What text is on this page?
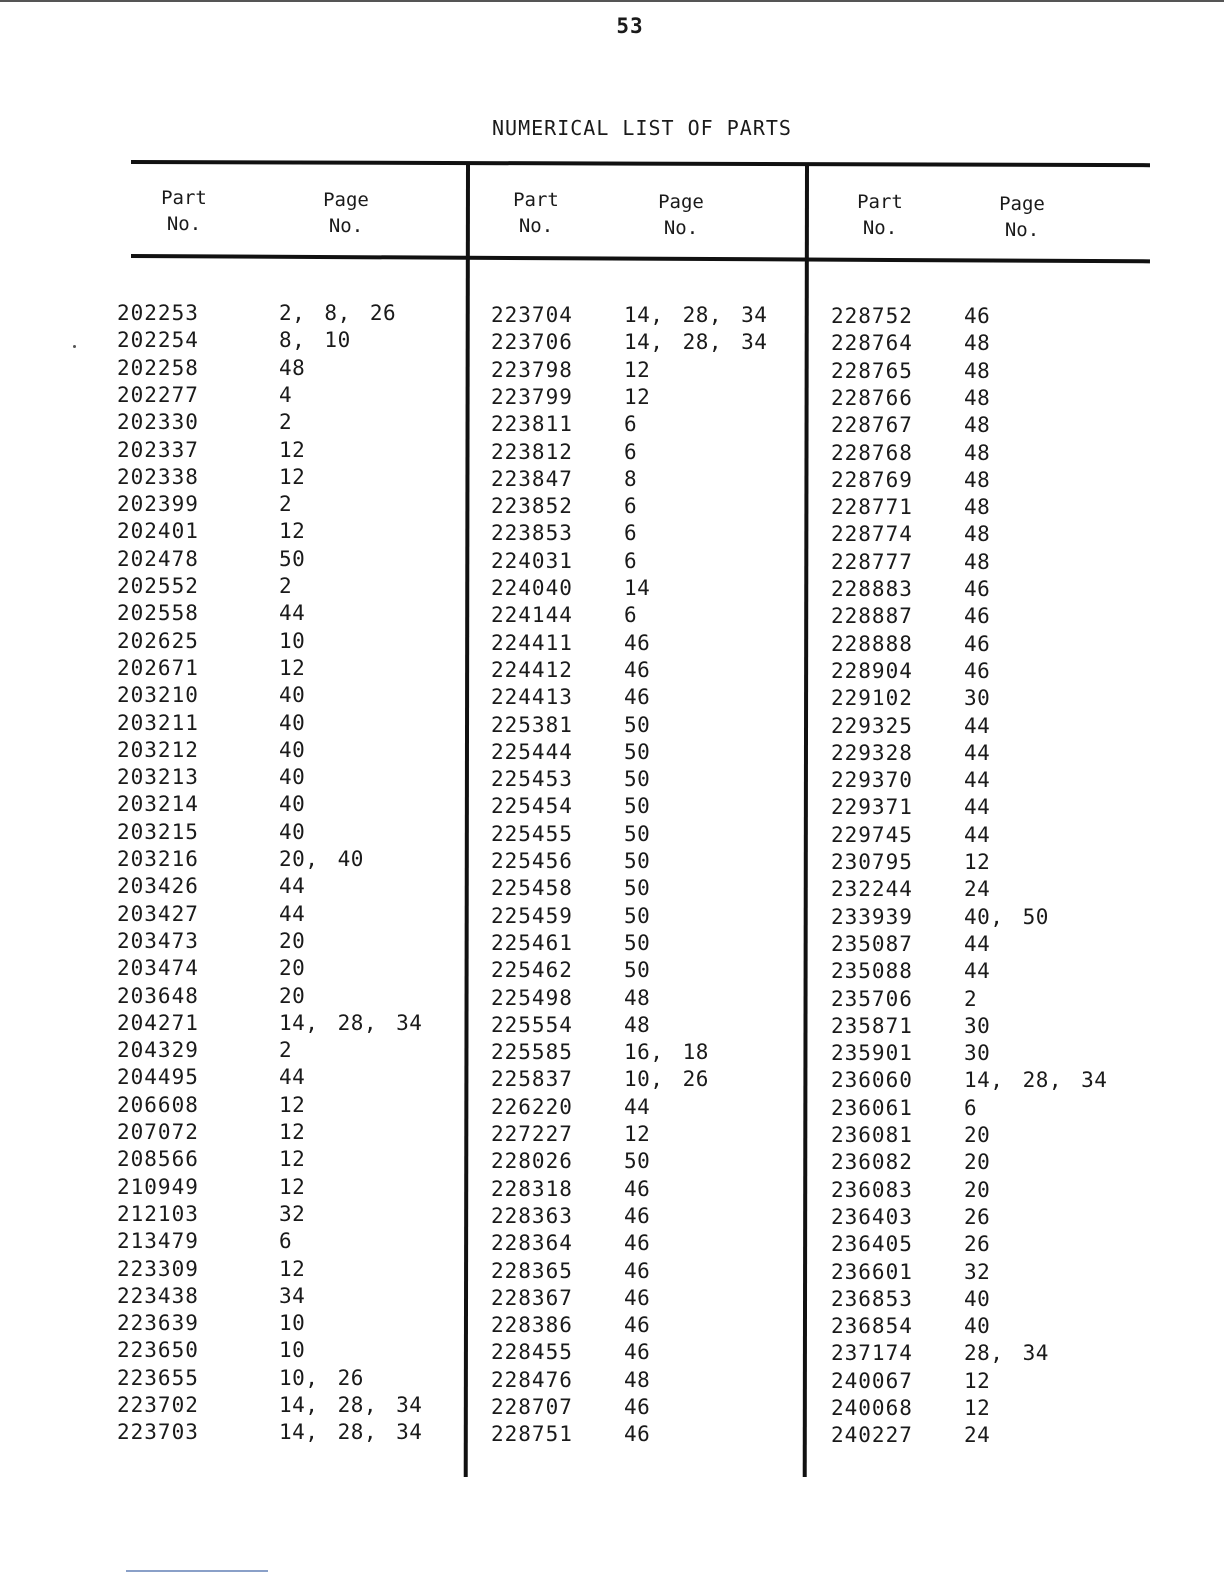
53
NUMERICAL LIST OF PARTS
Part
No.
Page
No.
Part
No.
Page
No.
Part
No.
Page
No.
202253	2, 8, 26
202254	8, 10
202258	48
202277	4
202330	2
202337	12
202338	12
202399	2
202401	12
202478	50
202552	2
202558	44
202625	10
202671	12
203210	40
203211	40
203212	40
203213	40
203214	40
203215	40
203216	20, 40
203426	44
203427	44
203473	20
203474	20
203648	20
204271	14, 28, 34
204329	2
204495	44
206608	12
207072	12
208566	12
210949	12
212103	32
213479	6
223309	12
223438	34
223639	10
223650	10
223655	10, 26
223702	14, 28, 34
223703	14, 28, 34
223704 14, 28, 34
223706 14, 28, 34
223798 12
223799 12
223811 6
223812 6
223847 8
223852 6
223853 6
224031 6
224040 14
224144 6
224411 46
224412 46
224413 46
225381 50
225444 50
225453 50
225454 50
225455 50
225456 50
225458 50
225459 50
225461 50
225462 50
225498 48
225554 48
225585 16, 18
225837 10, 26
226220 44
227227 12
228026 50
228318 46
228363 46
228364 46
228365 46
228367 46
228386 46
228455 46
228476 48
228707 46
228751 46
228752 46
228764 48
228765 48
228766 48
228767 48
228768 48
228769 48
228771 48
228774 48
228777 48
228883 46
228887 46
228888 46
228904 46
229102 30
229325 44
229328 44
229370 44
229371 44
229745 44
230795 12
232244 24
233939 40, 50
235087 44
235088 44
235706 2
235871 30
235901 30
236060 14, 28, 34
236061 6
236081 20
236082 20
236083 20
236403 26
236405 26
236601 32
236853 40
236854 40
237174 28, 34
240067 12
240068 12
240227 24
